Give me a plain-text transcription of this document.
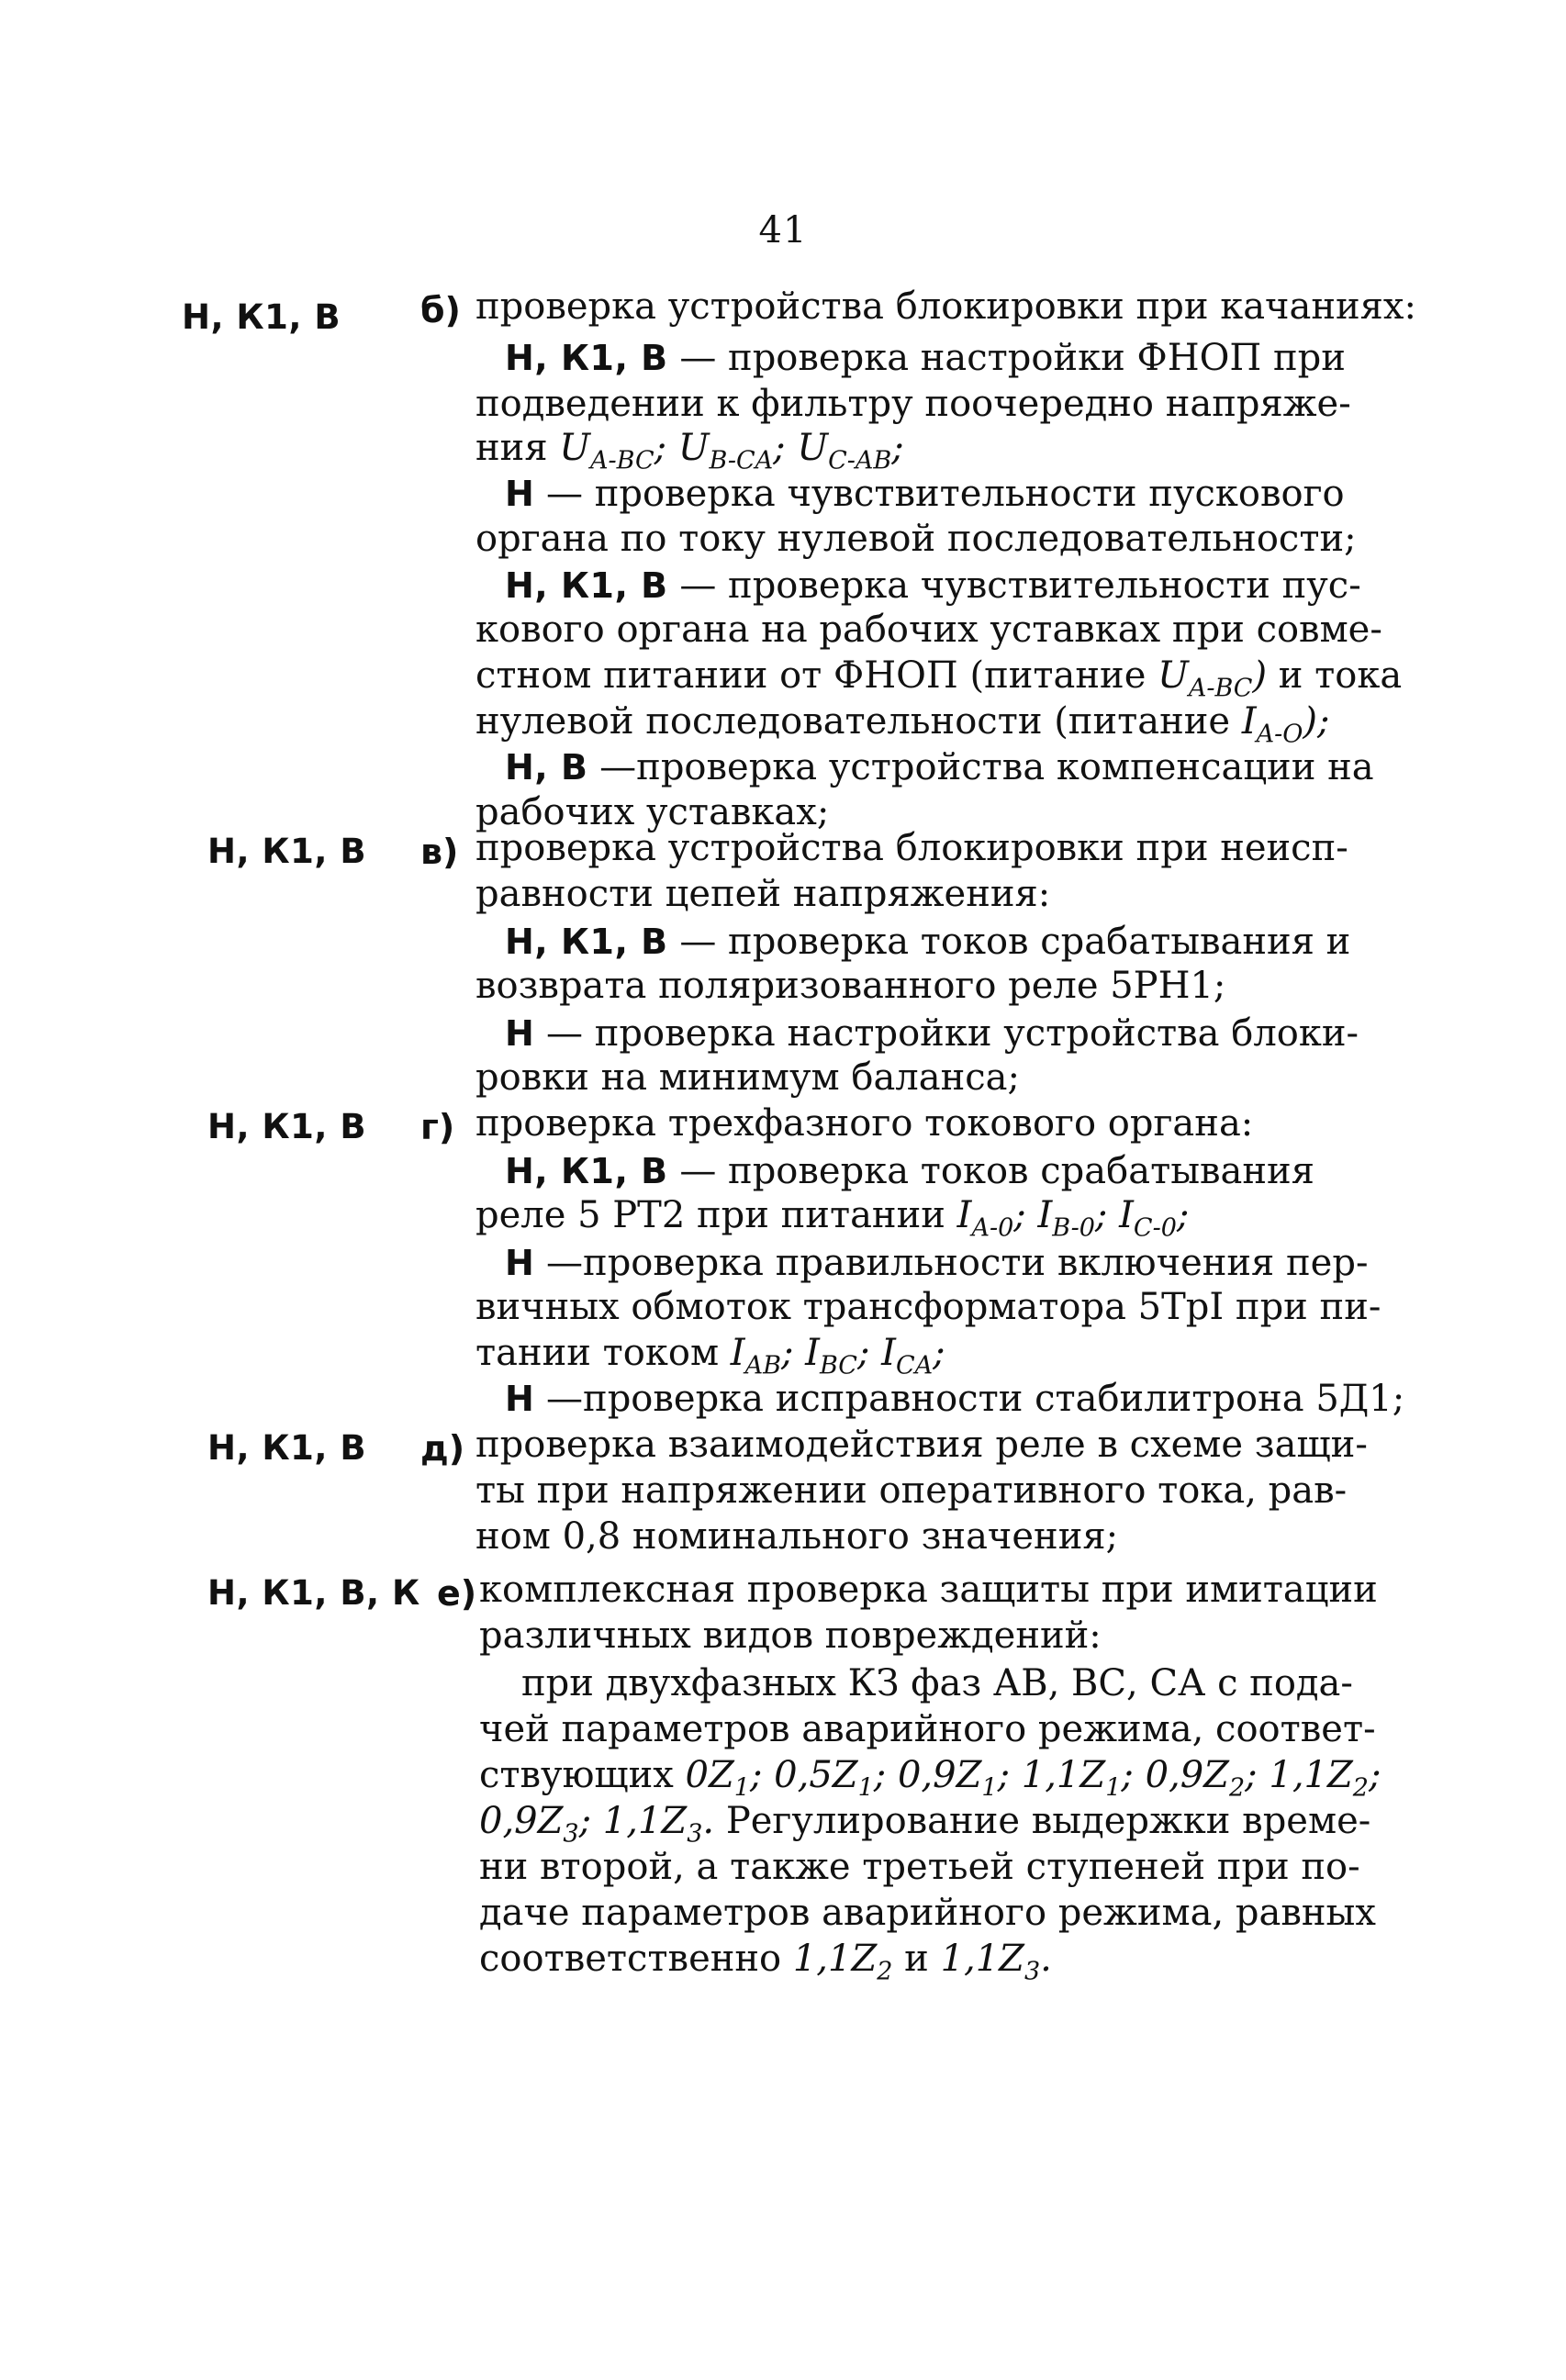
41
Н, К1, В б) проверка устройства блокировки при качаниях:
Н, К1, В — проверка настройки ФНОП при
подведении к фильтру поочередно напряже-
ния $U_{A-BC}$; $U_{B-CA}$; $U_{C-AB}$;
Н — проверка чувствительности пускового
органа по току нулевой последовательности;
Н, К1, В — проверка чувствительности пус-
кового органа на рабочих уставках при совме-
стном питании от ФНОП (питание $U_{A-BC}$) и тока
нулевой последовательности (питание $I_{A-O}$);
Н, В —проверка устройства компенсации на
рабочих уставках;
Н, К1, В в) проверка устройства блокировки при неисп-
равности цепей напряжения:
Н, К1, В — проверка токов срабатывания и
возврата поляризованного реле 5РН1;
Н — проверка настройки устройства блоки-
ровки на минимум баланса;
Н, К1, В г) проверка трехфазного токового органа:
Н, К1, В — проверка токов срабатывания
реле 5 РТ2 при питании $I_{A-0}$; $I_{B-0}$; $I_{C-0}$;
Н —проверка правильности включения пер-
вичных обмоток трансформатора 5ТрI при пи-
тании током $I_{AB}$; $I_{BC}$; $I_{CA}$;
Н —проверка исправности стабилитрона 5Д1;
Н, К1, В д) проверка взаимодействия реле в схеме защи-
ты при напряжении оперативного тока, рав-
ном 0,8 номинального значения;
Н, К1, В, К е) комплексная проверка защиты при имитации
различных видов повреждений:
при двухфазных КЗ фаз АВ, ВС, СА с пода-
чей параметров аварийного режима, соответ-
ствующих $0Z_1$; $0,5Z_1$; $0,9Z_1$; $1,1Z_1$; $0,9Z_2$; $1,1Z_2$;
$0,9Z_3$; $1,1Z_3$. Регулирование выдержки време-
ни второй, а также третьей ступеней при по-
даче параметров аварийного режима, равных
соответственно $1,1Z_2$ и $1,1Z_3$.
